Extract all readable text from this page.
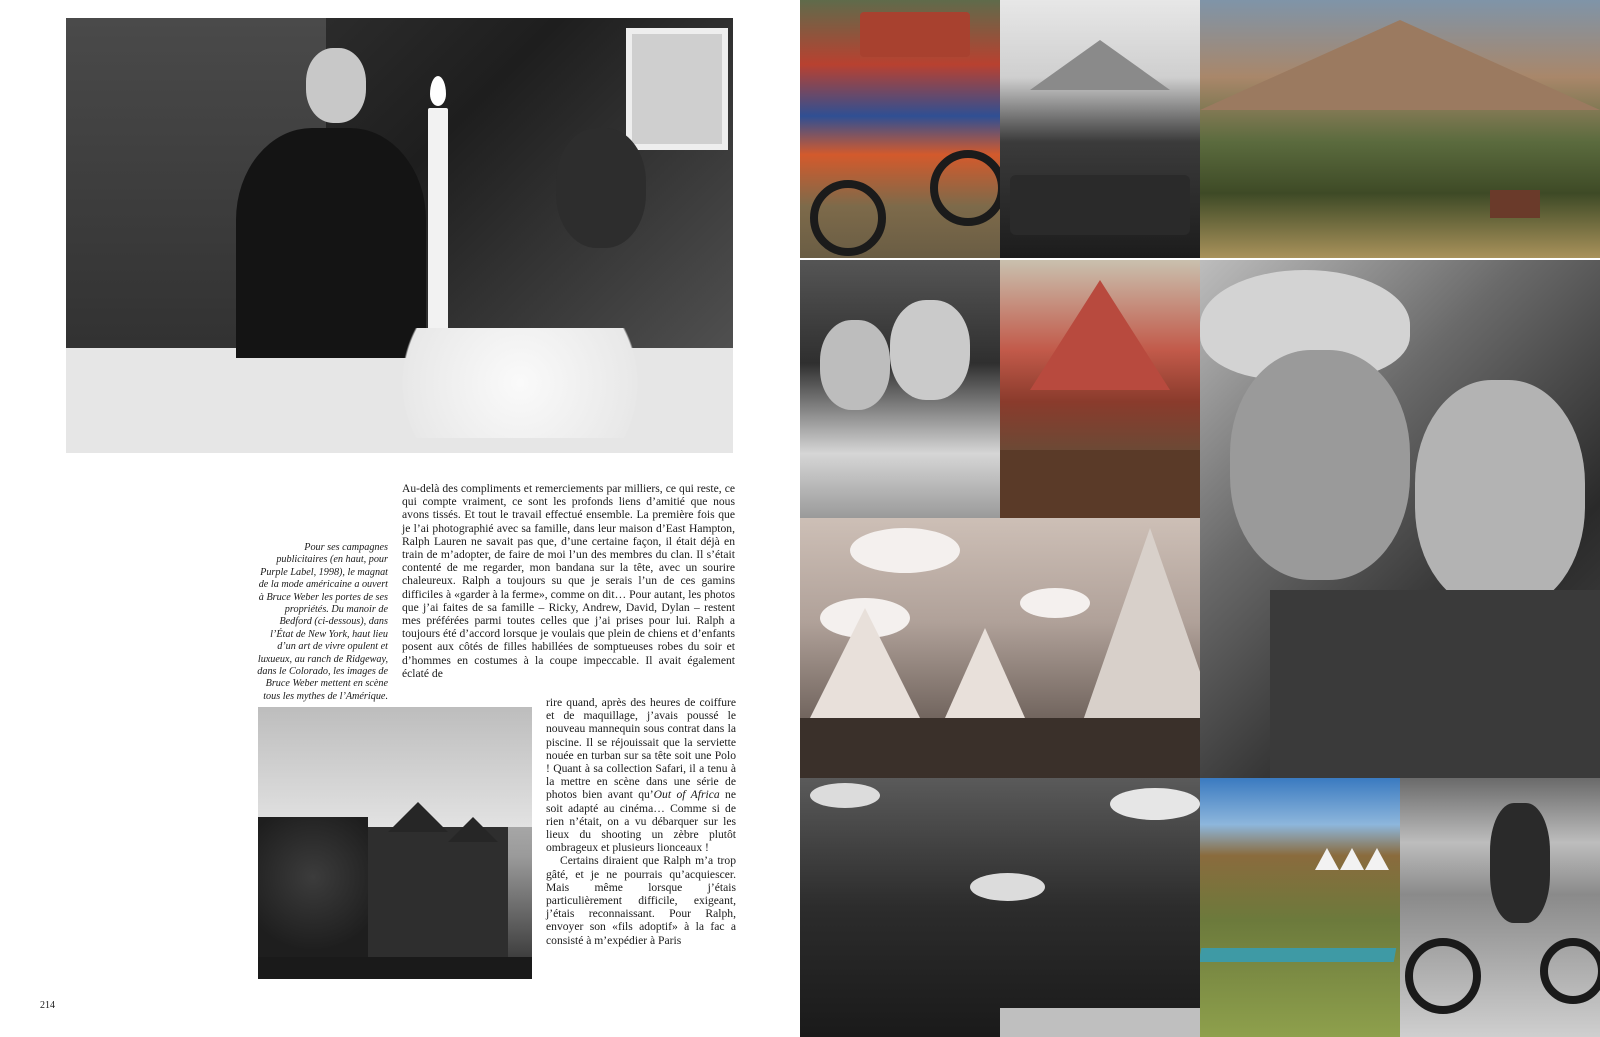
Pour ses campagnes publicitaires (en haut, pour Purple Label, 1998), le magnat de la mode américaine a ouvert à Bruce Weber les portes de ses propriétés. Du manoir de Bedford (ci-dessous), dans l’État de New York, haut lieu d’un art de vivre opulent et luxueux, au ranch de Ridgeway, dans le Colorado, les images de Bruce Weber mettent en scène tous les mythes de l’Amérique.

Au-delà des compliments et remerciements par milliers, ce qui reste, ce qui compte vraiment, ce sont les profonds liens d’amitié que nous avons tissés. Et tout le travail effectué ensemble. La première fois que je l’ai photographié avec sa famille, dans leur maison d’East Hampton, Ralph Lauren ne savait pas que, d’une certaine façon, il était déjà en train de m’adopter, de faire de moi l’un des membres du clan. Il s’était contenté de me regarder, mon bandana sur la tête, avec un sourire chaleureux. Ralph a toujours su que je serais l’un de ces gamins difficiles à «garder à la ferme», comme on dit… Pour autant, les photos que j’ai faites de sa famille – Ricky, Andrew, David, Dylan – restent mes préférées parmi toutes celles que j’ai prises pour lui. Ralph a toujours été d’accord lorsque je voulais que plein de chiens et d’enfants posent aux côtés de filles habillées de somptueuses robes du soir et d’hommes en costumes à la coupe impeccable. Il avait également éclaté de

rire quand, après des heures de coiffure et de maquillage, j’avais poussé le nouveau mannequin sous contrat dans la piscine. Il se réjouissait que la serviette nouée en turban sur sa tête soit une Polo ! Quant à sa collection Safari, il a tenu à la mettre en scène dans une série de photos bien avant qu’Out of Africa ne soit adapté au cinéma… Comme si de rien n’était, on a vu débarquer sur les lieux du shooting un zèbre plutôt ombrageux et plusieurs lionceaux !

Certains diraient que Ralph m’a trop gâté, et je ne pourrais qu’acquiescer. Mais même lorsque j’étais particulièrement difficile, exigeant, j’étais reconnaissant. Pour Ralph, envoyer son «fils adoptif» à la fac a consisté à m’expédier à Paris

214
